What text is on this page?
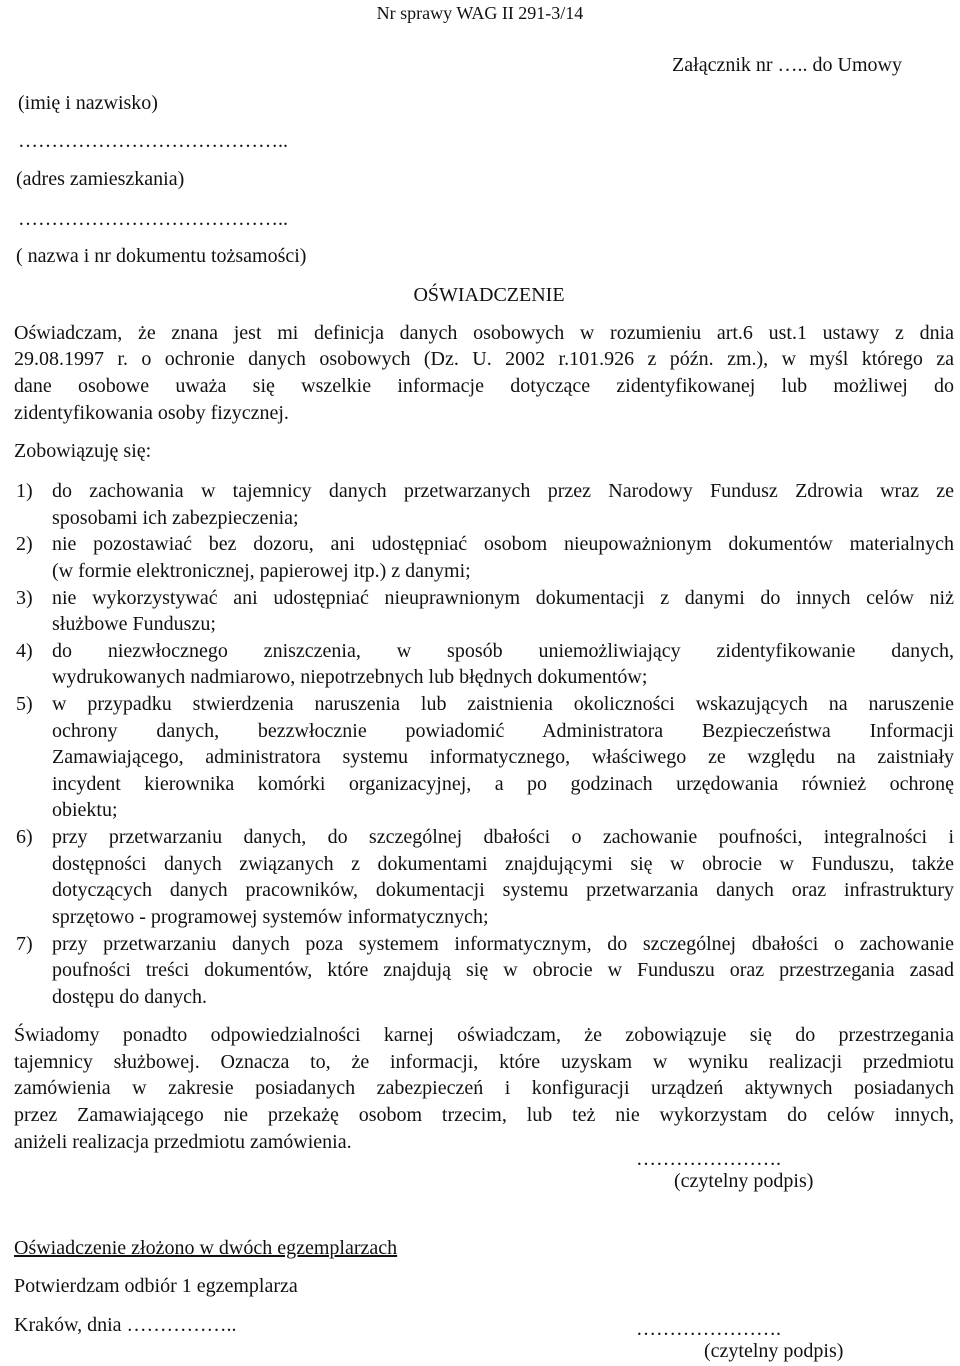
Nr sprawy WAG II 291-3/14
Załącznik nr ….. do Umowy
(imię i nazwisko)
…………………………………..
(adres zamieszkania)
…………………………………..
( nazwa i nr dokumentu tożsamości)
OŚWIADCZENIE
Oświadczam, że znana jest mi definicja danych osobowych w rozumieniu art.6 ust.1 ustawy z dnia
29.08.1997 r. o ochronie danych osobowych (Dz. U. 2002 r.101.926 z późn. zm.), w myśl którego za
dane osobowe uważa się wszelkie informacje dotyczące zidentyfikowanej lub możliwej do
zidentyfikowania osoby fizycznej.
Zobowiązuję się:
1) do zachowania w tajemnicy danych przetwarzanych przez Narodowy Fundusz Zdrowia wraz ze
sposobami ich zabezpieczenia;
2) nie pozostawiać bez dozoru, ani udostępniać osobom nieupoważnionym dokumentów materialnych
(w formie elektronicznej, papierowej itp.) z danymi;
3) nie wykorzystywać ani udostępniać nieuprawnionym dokumentacji z danymi do innych celów niż
służbowe Funduszu;
4) do niezwłocznego zniszczenia, w sposób uniemożliwiający zidentyfikowanie danych,
wydrukowanych nadmiarowo, niepotrzebnych lub błędnych dokumentów;
5) w przypadku stwierdzenia naruszenia lub zaistnienia okoliczności wskazujących na naruszenie
ochrony danych, bezzwłocznie powiadomić Administratora Bezpieczeństwa Informacji
Zamawiającego, administratora systemu informatycznego, właściwego ze względu na zaistniały
incydent kierownika komórki organizacyjnej, a po godzinach urzędowania również ochronę
obiektu;
6) przy przetwarzaniu danych, do szczególnej dbałości o zachowanie poufności, integralności i
dostępności danych związanych z dokumentami znajdującymi się w obrocie w Funduszu, także
dotyczących danych pracowników, dokumentacji systemu przetwarzania danych oraz infrastruktury
sprzętowo - programowej systemów informatycznych;
7) przy przetwarzaniu danych poza systemem informatycznym, do szczególnej dbałości o zachowanie
poufności treści dokumentów, które znajdują się w obrocie w Funduszu oraz przestrzegania zasad
dostępu do danych.
Świadomy ponadto odpowiedzialności karnej oświadczam, że zobowiązuje się do przestrzegania
tajemnicy służbowej. Oznacza to, że informacji, które uzyskam w wyniku realizacji przedmiotu
zamówienia w zakresie posiadanych zabezpieczeń i konfiguracji urządzeń aktywnych posiadanych
przez Zamawiającego nie przekażę osobom trzecim, lub też nie wykorzystam do celów innych,
aniżeli realizacja przedmiotu zamówienia.
………………….
(czytelny podpis)
Oświadczenie złożono w dwóch egzemplarzach
Potwierdzam odbiór 1 egzemplarza
Kraków, dnia ……………..	………………….
(czytelny podpis)
